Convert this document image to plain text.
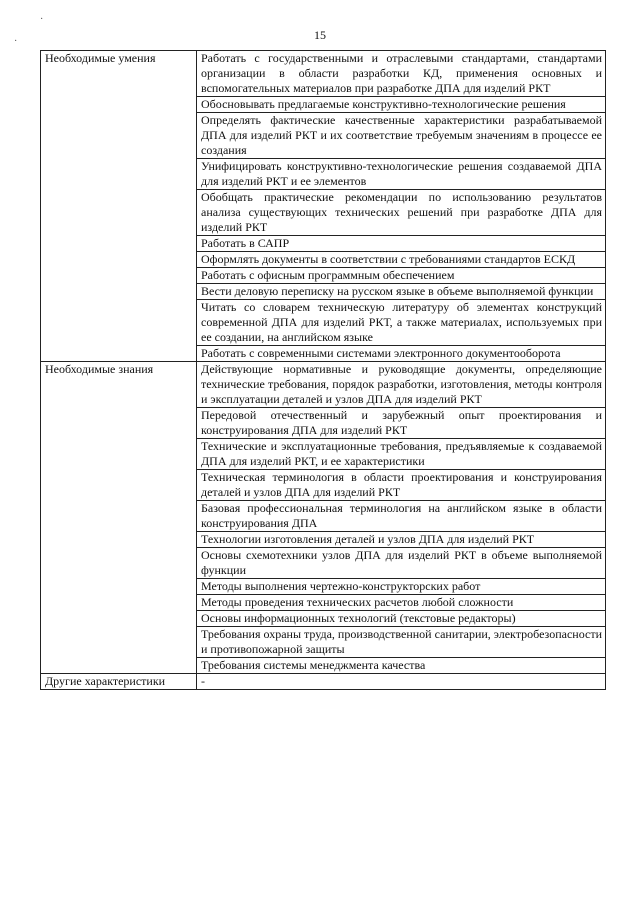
·
·	15
Необходимые умения	Работать с государственными и отраслевыми стандартами, стандартами организации в области разработки КД, применения основных и вспомогательных материалов при разработке ДПА для изделий РКТ
	Обосновывать предлагаемые конструктивно-технологические решения
	Определять фактические качественные характеристики разрабатываемой ДПА для изделий РКТ и их соответствие требуемым значениям в процессе ее создания
	Унифицировать конструктивно-технологические решения создаваемой ДПА для изделий РКТ и ее элементов
	Обобщать практические рекомендации по использованию результатов анализа существующих технических решений при разработке ДПА для изделий РКТ
	Работать в САПР
	Оформлять документы в соответствии с требованиями стандартов ЕСКД
	Работать с офисным программным обеспечением
	Вести деловую переписку на русском языке в объеме выполняемой функции
	Читать со словарем техническую литературу об элементах конструкций современной ДПА для изделий РКТ, а также материалах, используемых при ее создании, на английском языке
	Работать с современными системами электронного документооборота
Необходимые знания	Действующие нормативные и руководящие документы, определяющие технические требования, порядок разработки, изготовления, методы контроля и эксплуатации деталей и узлов ДПА для изделий РКТ
	Передовой отечественный и зарубежный опыт проектирования и конструирования ДПА для изделий РКТ
	Технические и эксплуатационные требования, предъявляемые к создаваемой ДПА для изделий РКТ, и ее характеристики
	Техническая терминология в области проектирования и конструирования деталей и узлов ДПА для изделий РКТ
	Базовая профессиональная терминология на английском языке в области конструирования ДПА
	Технологии изготовления деталей и узлов ДПА для изделий РКТ
	Основы схемотехники узлов ДПА для изделий РКТ в объеме выполняемой функции
	Методы выполнения чертежно-конструкторских работ
	Методы проведения технических расчетов любой сложности
	Основы информационных технологий (текстовые редакторы)
	Требования охраны труда, производственной санитарии, электробезопасности и противопожарной защиты
	Требования системы менеджмента качества
Другие характеристики	-
